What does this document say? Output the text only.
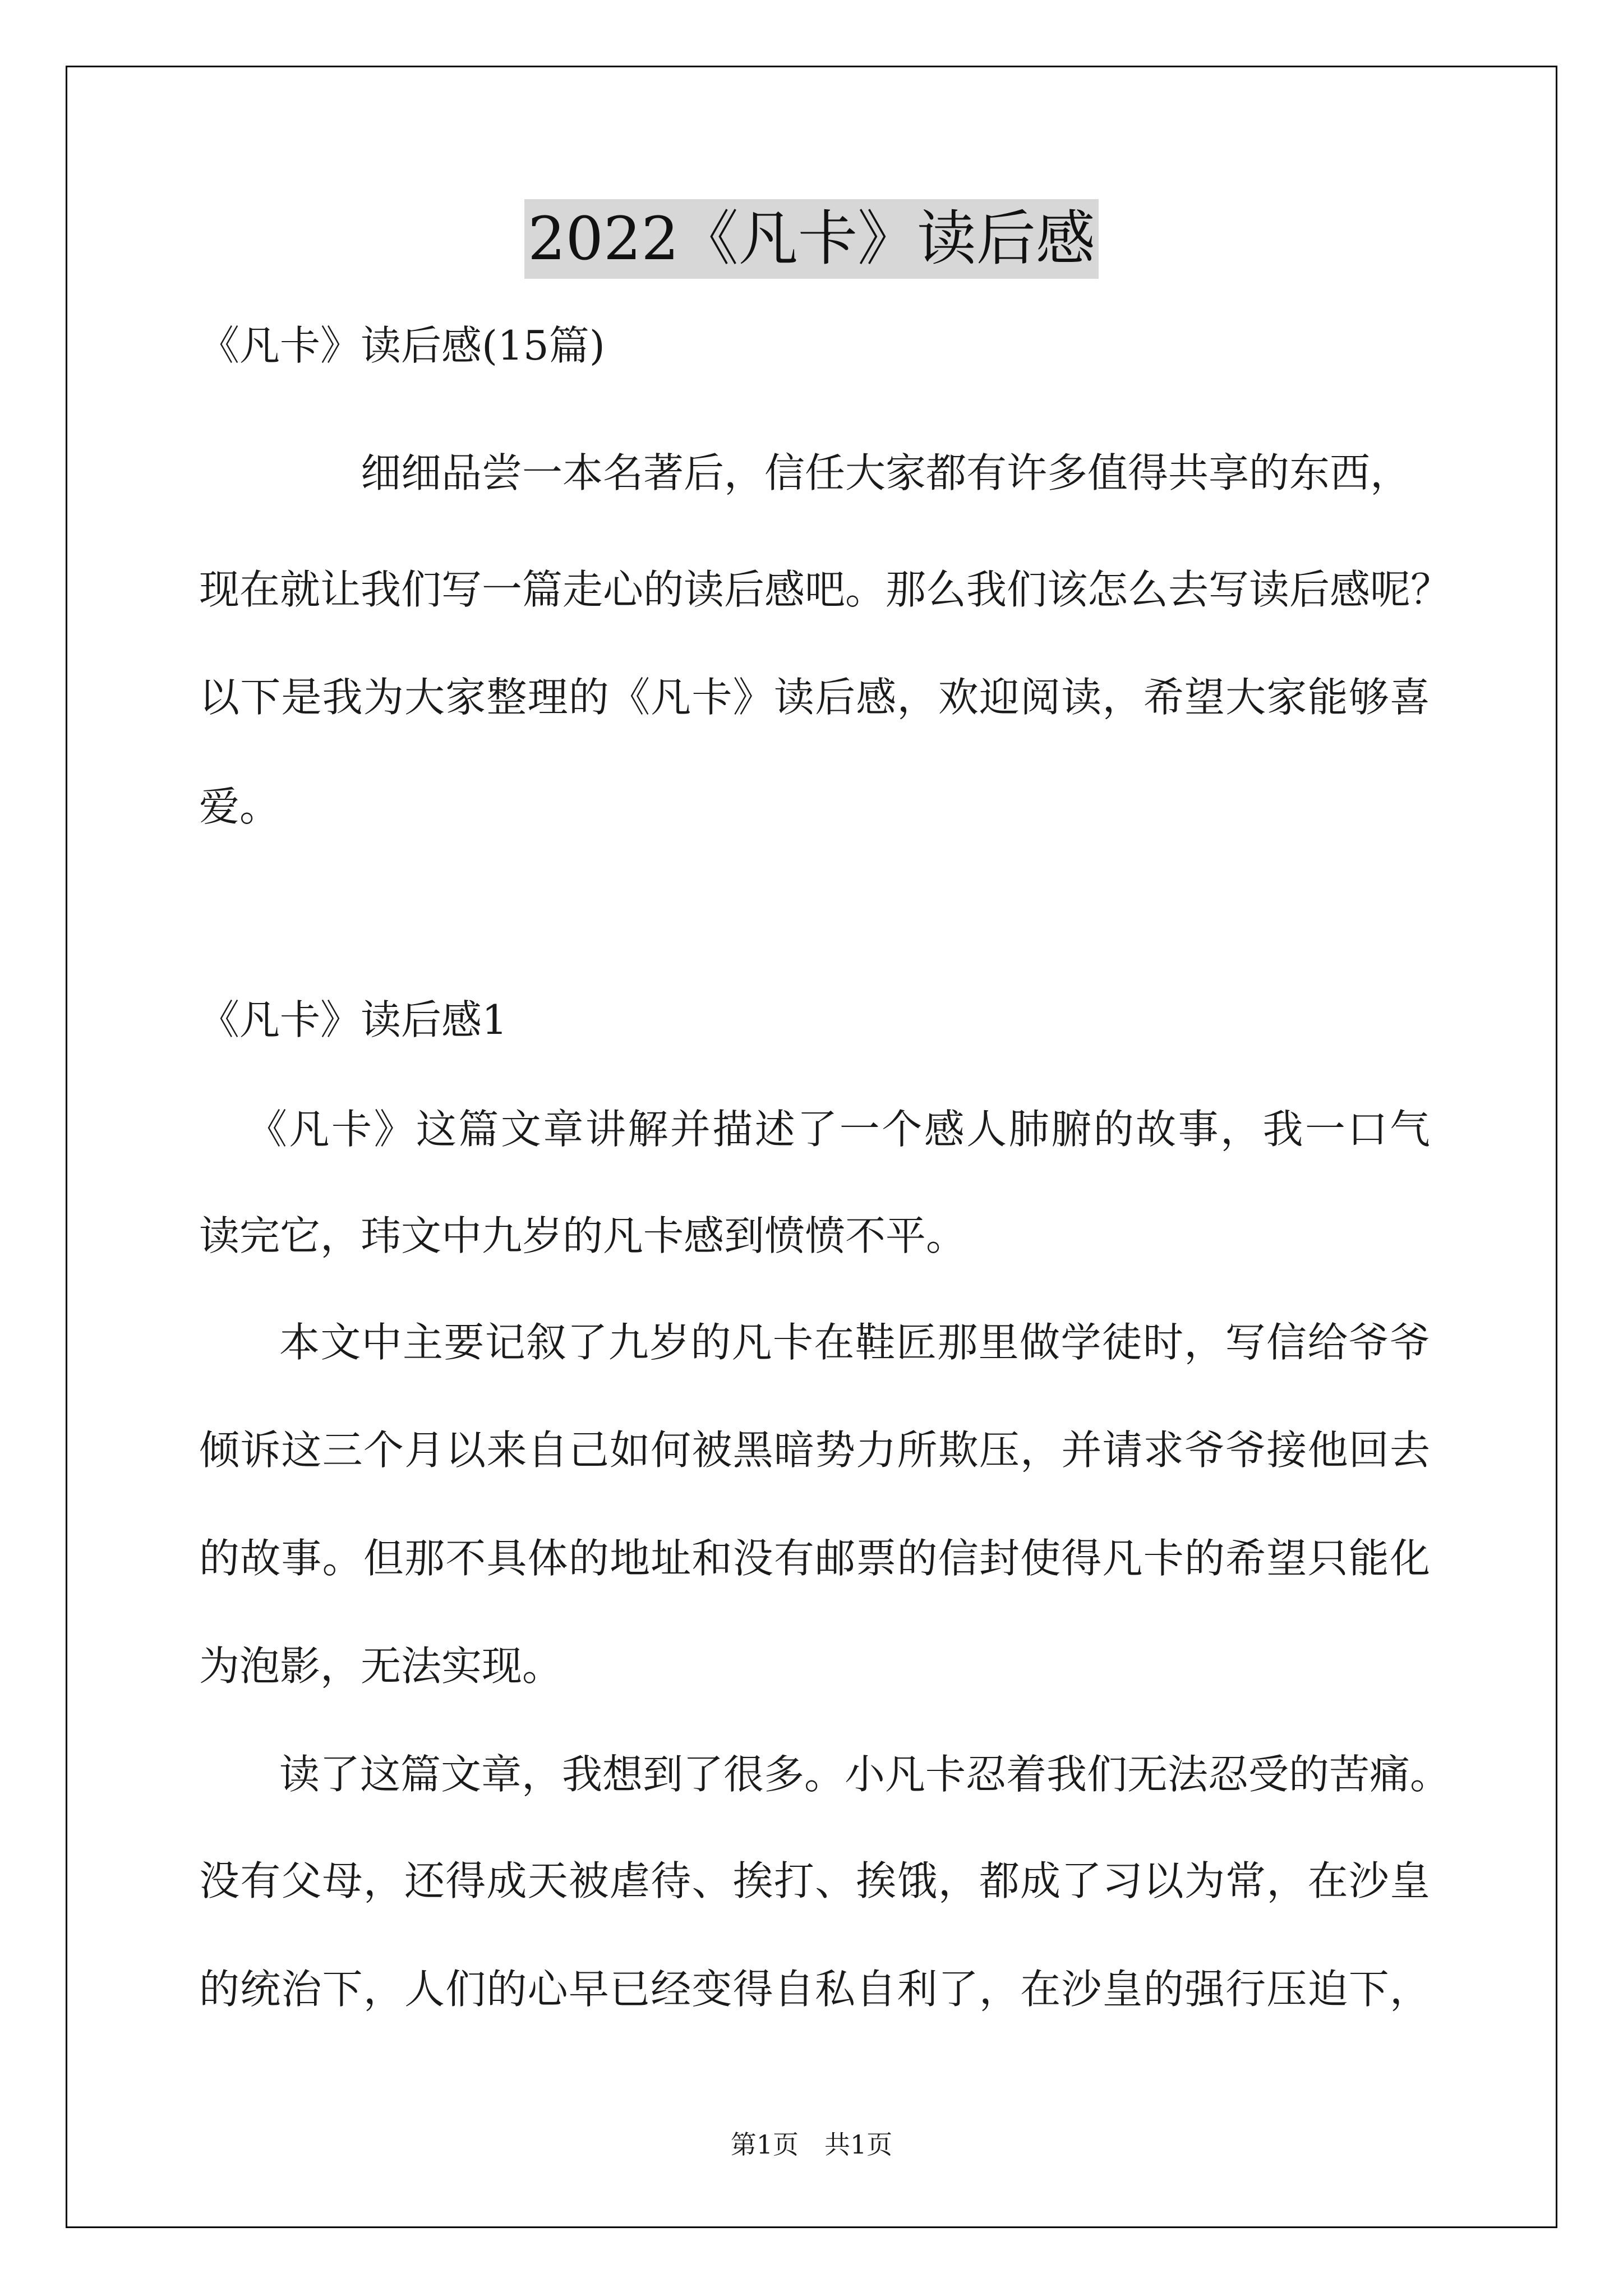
2022《凡卡》读后感
《凡卡》读后感(15篇)
细细品尝一本名著后，信任大家都有许多值得共享的东西，
现在就让我们写一篇走心的读后感吧。那么我们该怎么去写读后感呢？
以下是我为大家整理的《凡卡》读后感，欢迎阅读，希望大家能够喜
爱。
《凡卡》读后感1
《凡卡》这篇文章讲解并描述了一个感人肺腑的故事，我一口气
读完它，玮文中九岁的凡卡感到愤愤不平。
本文中主要记叙了九岁的凡卡在鞋匠那里做学徒时，写信给爷爷
倾诉这三个月以来自己如何被黑暗势力所欺压，并请求爷爷接他回去
的故事。但那不具体的地址和没有邮票的信封使得凡卡的希望只能化
为泡影，无法实现。
读了这篇文章，我想到了很多。小凡卡忍着我们无法忍受的苦痛。
没有父母，还得成天被虐待、挨打、挨饿，都成了习以为常，在沙皇
的统治下，人们的心早已经变得自私自利了，在沙皇的强行压迫下，
第1页　共1页
